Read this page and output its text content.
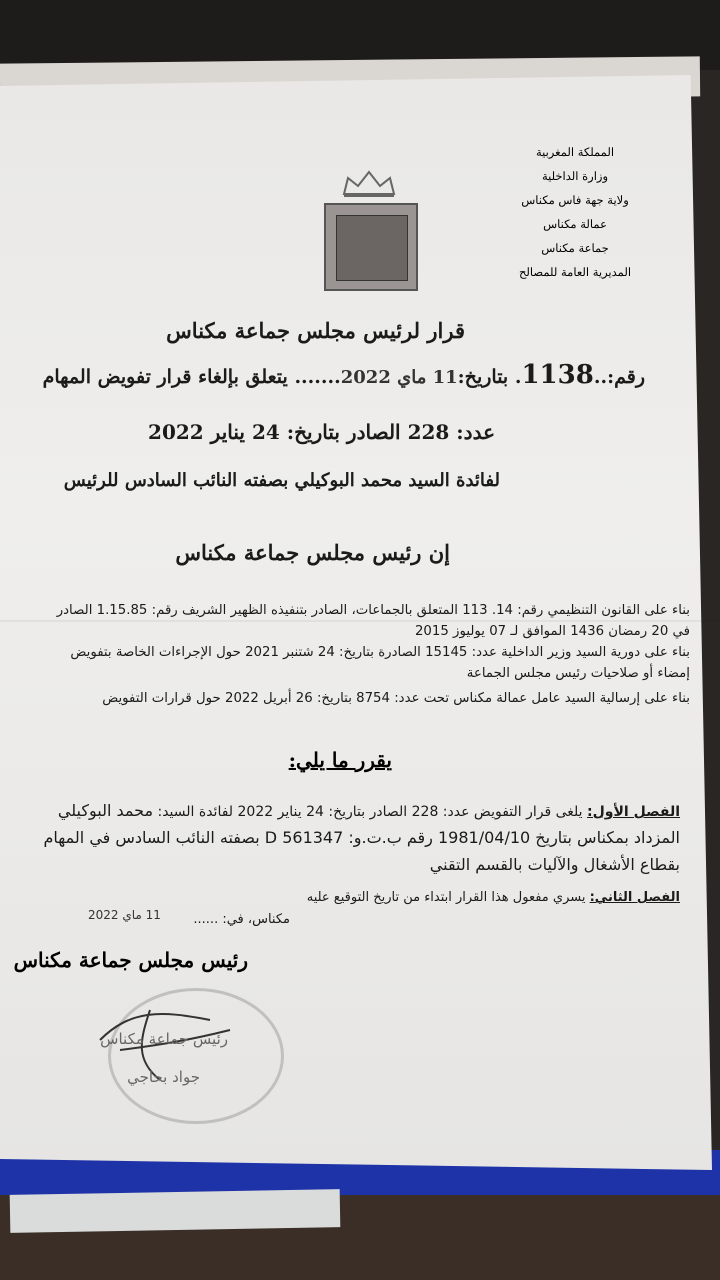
المملكة المغربية
وزارة الداخلية
ولاية جهة فاس مكناس
عمالة مكناس
جماعة مكناس
المديرية العامة للمصالح
قرار لرئيس مجلس جماعة مكناس
رقم:..1138. بتاريخ:11 ماي 2022....... يتعلق بإلغاء قرار تفويض المهام
عدد: 228 الصادر بتاريخ: 24 يناير 2022
لفائدة السيد محمد البوكيلي بصفته النائب السادس للرئيس
إن رئيس مجلس جماعة مكناس
بناء على القانون التنظيمي رقم: 14. 113 المتعلق بالجماعات، الصادر بتنفيذه الظهير الشريف رقم: 1.15.85 الصادر في 20 رمضان 1436 الموافق لـ 07 يوليوز 2015
بناء على دورية السيد وزير الداخلية عدد: 15145 الصادرة بتاريخ: 24 شتنبر 2021 حول الإجراءات الخاصة بتفويض إمضاء أو صلاحيات رئيس مجلس الجماعة
بناء على إرسالية السيد عامل عمالة مكناس تحت عدد: 8754 بتاريخ: 26 أبريل 2022 حول قرارات التفويض
يقرر ما يلي:
الفصل الأول: يلغى قرار التفويض عدد: 228 الصادر بتاريخ: 24 يناير 2022 لفائدة السيد: محمد البوكيلي المزداد بمكناس بتاريخ 1981/04/10 رقم ب.ت.و: D 561347 بصفته النائب السادس في المهام بقطاع الأشغال والآليات بالقسم التقني
الفصل الثاني: يسري مفعول هذا القرار ابتداء من تاريخ التوقيع عليه
مكناس، في: ......
11 ماي 2022
رئيس مجلس جماعة مكناس
رئيس جماعة مكناس
جواد بحاجي
